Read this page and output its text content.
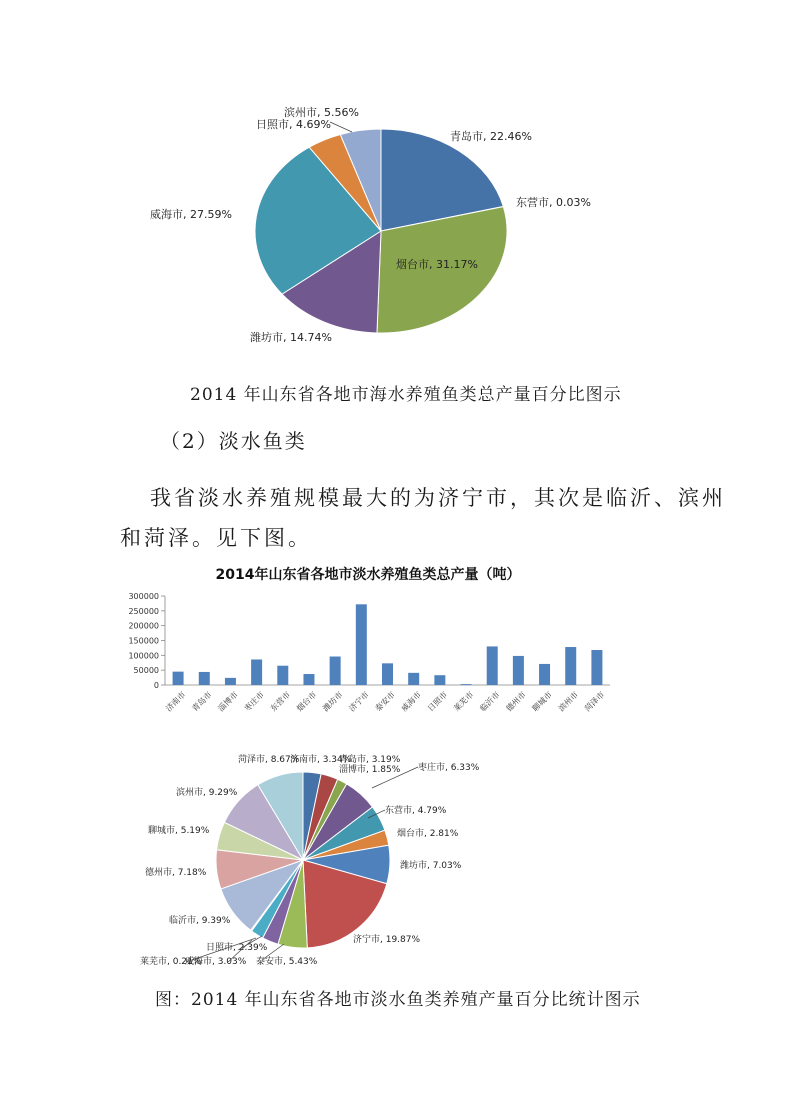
青岛市, 22.46%
东营市, 0.03%
烟台市, 31.17%
潍坊市, 14.74%
威海市, 27.59%
日照市, 4.69%
滨州市, 5.56%
2014 年山东省各地市海水养殖鱼类总产量百分比图示
（2）淡水鱼类
我省淡水养殖规模最大的为济宁市，其次是临沂、滨州
和菏泽。见下图。
2014年山东省各地市淡水养殖鱼类总产量（吨）
0
50000
100000
150000
200000
250000
300000
济南市 青岛市 淄博市 枣庄市 东营市 烟台市 潍坊市 济宁市 泰安市 威海市 日照市 莱芜市 临沂市 德州市 聊城市 滨州市 菏泽市
济南市, 3.34%
青岛市, 3.19%
淄博市, 1.85% 枣庄市, 6.33%
东营市, 4.79%
烟台市, 2.81%
潍坊市, 7.03%
济宁市, 19.87%
泰安市, 5.43%
威海市, 3.03%
日照市, 2.39%
莱芜市, 0.21%
临沂市, 9.39%
德州市, 7.18%
聊城市, 5.19%
滨州市, 9.29%
菏泽市, 8.67%
图：2014 年山东省各地市淡水鱼类养殖产量百分比统计图示
